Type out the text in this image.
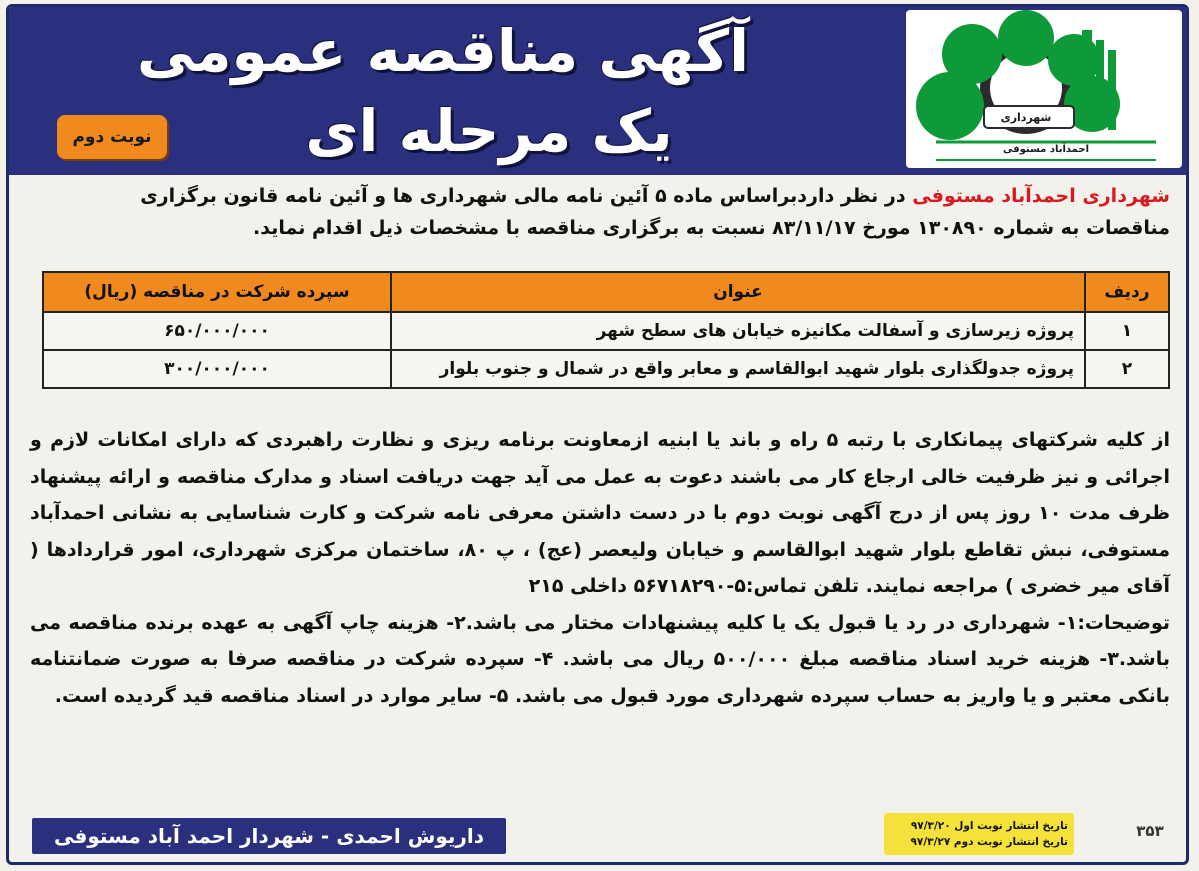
آگهی مناقصه عمومی
یک مرحله ای
نوبت دوم
شهرداری
احمدآباد مستوفی
شهرداری احمدآباد مستوفی در نظر داردبراساس ماده ۵ آئین نامه مالی شهرداری ها و آئین نامه قانون برگزاری
مناقصات به شماره ۱۳۰۸۹۰ مورخ ۸۳/۱۱/۱۷ نسبت به برگزاری مناقصه با مشخصات ذیل اقدام نماید.
ردیف	عنوان	سپرده شرکت در مناقصه (ریال)
۱	پروژه زیرسازی و آسفالت مکانیزه خیابان های سطح شهر	۶۵۰/۰۰۰/۰۰۰
۲	پروژه جدولگذاری بلوار شهید ابوالقاسم و معابر واقع در شمال و جنوب بلوار	۳۰۰/۰۰۰/۰۰۰

از کلیه شرکتهای پیمانکاری با رتبه ۵ راه و باند یا ابنیه ازمعاونت برنامه ریزی و نظارت راهبردی که دارای امکانات لازم و اجرائی و نیز ظرفیت خالی ارجاع کار می باشند دعوت به عمل می آید جهت دریافت اسناد و مدارک مناقصه و ارائه پیشنهاد ظرف مدت ۱۰ روز پس از درج آگهی نوبت دوم با در دست داشتن معرفی نامه شرکت و کارت شناسایی به نشانی احمدآباد مستوفی، نبش تقاطع بلوار شهید ابوالقاسم و خیابان ولیعصر (عج) ، پ ۸۰، ساختمان مرکزی شهرداری، امور قراردادها ( آقای میر خضری ) مراجعه نمایند. تلفن تماس:۵-۵۶۷۱۸۲۹۰ داخلی ۲۱۵

توضیحات:۱- شهرداری در رد یا قبول یک یا کلیه پیشنهادات مختار می باشد.۲- هزینه چاپ آگهی به عهده برنده مناقصه می باشد.۳- هزینه خرید اسناد مناقصه مبلغ ۵۰۰/۰۰۰ ریال می باشد. ۴- سپرده شرکت در مناقصه صرفا به صورت ضمانتنامه بانکی معتبر و یا واریز به حساب سپرده شهرداری مورد قبول می باشد. ۵- سایر موارد در اسناد مناقصه قید گردیده است.

داریوش احمدی - شهردار احمد آباد مستوفی	تاریخ انتشار نوبت اول ۹۷/۳/۲۰
تاریخ انتشار نوبت دوم ۹۷/۳/۲۷
۳۵۳
